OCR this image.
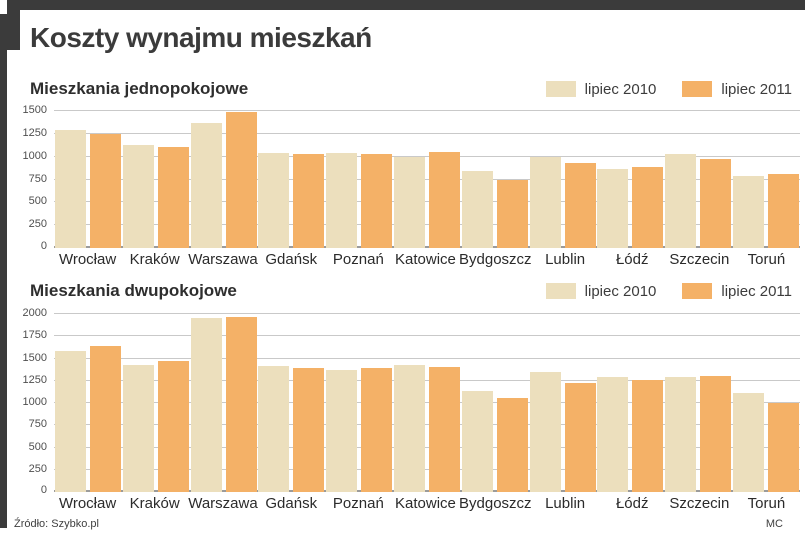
Koszty wynajmu mieszkań
Mieszkania jednopokojowe	lipiec 2010	lipiec 2011
0
250
500
750
1000
1250
1500
Wrocław Kraków Warszawa Gdańsk	Poznań Katowice Bydgoszcz Lublin	Łódź	Szczecin	Toruń
Mieszkania dwupokojowe	lipiec 2010	lipiec 2011
0
250
500
750
1000
1250
1500
1750
2000
Wrocław Kraków Warszawa Gdańsk	Poznań Katowice Bydgoszcz Lublin	Łódź	Szczecin	Toruń
Źródło: Szybko.pl	MC
